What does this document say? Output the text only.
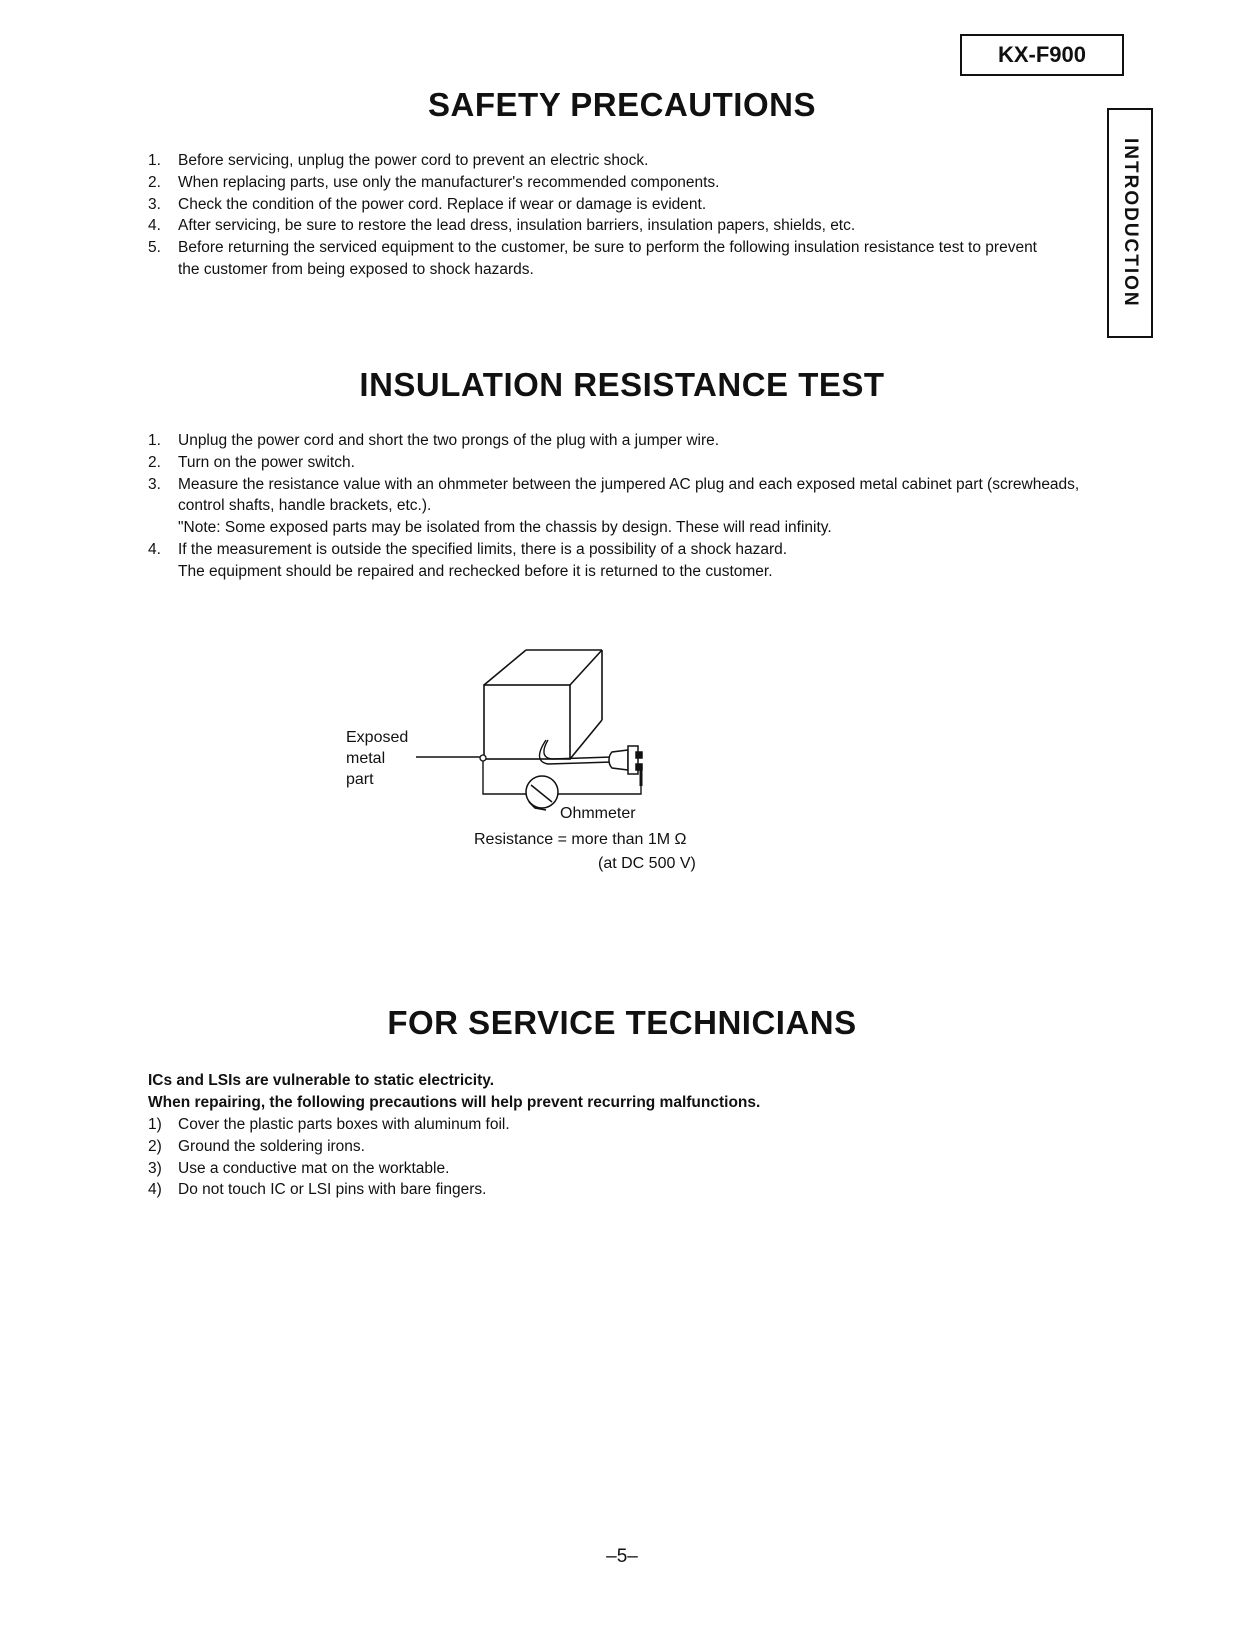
KX-F900
INTRODUCTION
SAFETY PRECAUTIONS
1.	Before servicing, unplug the power cord to prevent an electric shock.
2.	When replacing parts, use only the manufacturer's recommended components.
3.	Check the condition of the power cord. Replace if wear or damage is evident.
4.	After servicing, be sure to restore the lead dress, insulation barriers, insulation papers, shields, etc.
5.	Before returning the serviced equipment to the customer, be sure to perform the following insulation resistance test to prevent the customer from being exposed to shock hazards.
INSULATION RESISTANCE TEST
1.	Unplug the power cord and short the two prongs of the plug with a jumper wire.
2.	Turn on the power switch.
3.	Measure the resistance value with an ohmmeter between the jumpered AC plug and each exposed metal cabinet part (screwheads, control shafts, handle brackets, etc.).
"Note: Some exposed parts may be isolated from the chassis by design. These will read infinity.
4.	If the measurement is outside the specified limits, there is a possibility of a shock hazard.
The equipment should be repaired and rechecked before it is returned to the customer.
Exposed
metal
part
Ohmmeter
Resistance = more than 1M Ω
(at DC 500 V)
FOR SERVICE TECHNICIANS

ICs and LSIs are vulnerable to static electricity.

When repairing, the following precautions will help prevent recurring malfunctions.

1)	Cover the plastic parts boxes with aluminum foil.
2)	Ground the soldering irons.
3)	Use a conductive mat on the worktable.
4)	Do not touch IC or LSI pins with bare fingers.
–5–
